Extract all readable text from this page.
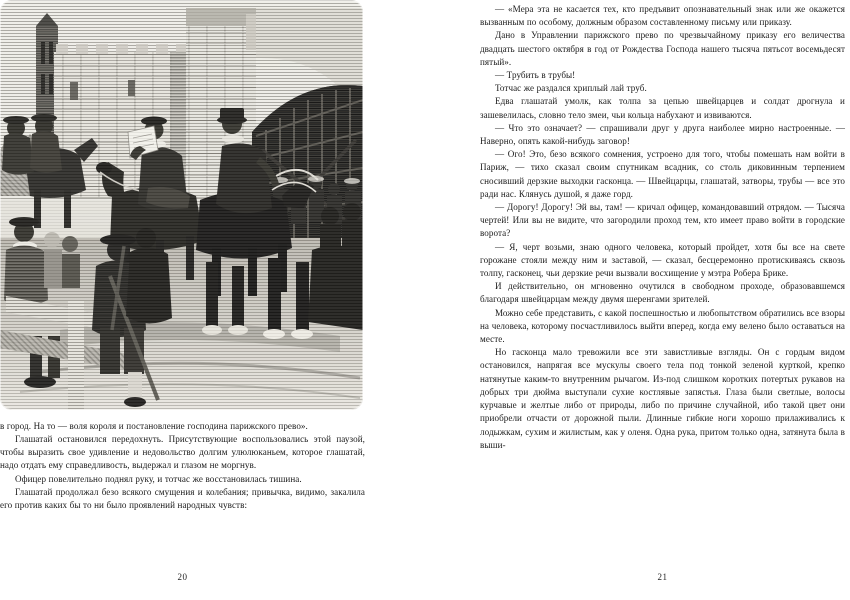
в город. На то — воля короля и постановление господина парижского прево».

Глашатай остановился передохнуть. Присутствующие воспользовались этой паузой, чтобы выразить свое удивление и недовольство долгим улюлюканьем, которое глашатай, надо отдать ему справедливость, выдержал и глазом не моргнув.

Офицер повелительно поднял руку, и тотчас же восстановилась тишина.

Глашатай продолжал безо всякого смущения и колебания; привычка, видимо, закалила его против каких бы то ни было проявлений народных чувств:

20

— «Мера эта не касается тех, кто предъявит опознавательный знак или же окажется вызванным по особому, должным образом составленному письму или приказу.

Дано в Управлении парижского прево по чрезвычайному приказу его величества двадцать шестого октября в год от Рождества Господа нашего тысяча пятьсот восемьдесят пятый».

— Трубить в трубы!

Тотчас же раздался хриплый лай труб.

Едва глашатай умолк, как толпа за цепью швейцарцев и солдат дрогнула и зашевелилась, словно тело змеи, чьи кольца набухают и извиваются.

— Что это означает? — спрашивали друг у друга наиболее мирно настроенные. — Наверно, опять какой-нибудь заговор!

— Ого! Это, безо всякого сомнения, устроено для того, чтобы помешать нам войти в Париж, — тихо сказал своим спутникам всадник, со столь диковинным терпением сносивший дерзкие выходки гасконца. — Швейцарцы, глашатай, затворы, трубы — все это ради нас. Клянусь душой, я даже горд.

— Дорогу! Дорогу! Эй вы, там! — кричал офицер, командовавший отрядом. — Тысяча чертей! Или вы не видите, что загородили проход тем, кто имеет право войти в городские ворота?

— Я, черт возьми, знаю одного человека, который пройдет, хотя бы все на свете горожане стояли между ним и заставой, — сказал, бесцеремонно протискиваясь сквозь толпу, гасконец, чьи дерзкие речи вызвали восхищение у мэтра Робера Брике.

И действительно, он мгновенно очутился в свободном проходе, образовавшемся благодаря швейцарцам между двумя шеренгами зрителей.

Можно себе представить, с какой поспешностью и любопытством обратились все взоры на человека, которому посчастливилось выйти вперед, когда ему велено было оставаться на месте.

Но гасконца мало тревожили все эти завистливые взгляды. Он с гордым видом остановился, напрягая все мускулы своего тела под тонкой зеленой курткой, крепко натянутые каким-то внутренним рычагом. Из-под слишком коротких потертых рукавов на добрых три дюйма выступали сухие костлявые запястья. Глаза были светлые, волосы курчавые и желтые либо от природы, либо по причине случайной, ибо такой цвет они приобрели отчасти от дорожной пыли. Длинные гибкие ноги хорошо прилаживались к лодыжкам, сухим и жилистым, как у оленя. Одна рука, притом только одна, затянута была в выши-

21
